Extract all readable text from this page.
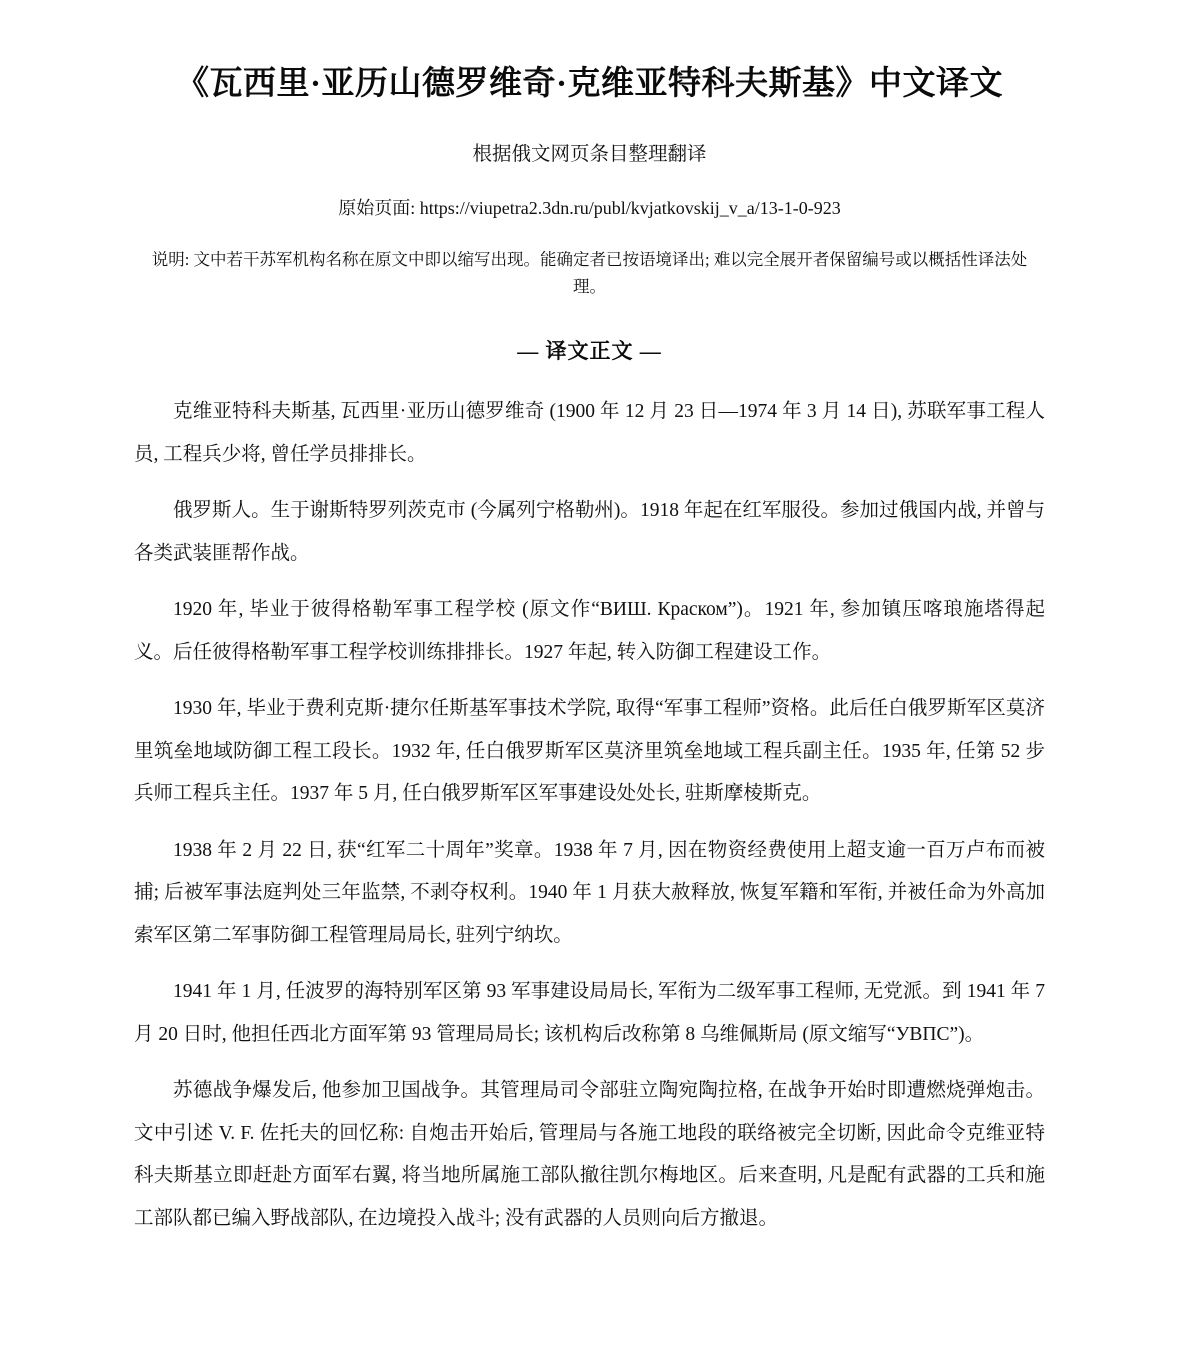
《瓦西里·亚历山德罗维奇·克维亚特科夫斯基》中文译文
根据俄文网页条目整理翻译
原始页面: https://viupetra2.3dn.ru/publ/kvjatkovskij_v_a/13-1-0-923
说明: 文中若干苏军机构名称在原文中即以缩写出现。能确定者已按语境译出; 难以完全展开者保留编号或以概括性译法处理。
— 译文正文 —

克维亚特科夫斯基, 瓦西里·亚历山德罗维奇 (1900 年 12 月 23 日—1974 年 3 月 14 日), 苏联军事工程人员, 工程兵少将, 曾任学员排排长。

俄罗斯人。生于谢斯特罗列茨克市 (今属列宁格勒州)。1918 年起在红军服役。参加过俄国内战, 并曾与各类武装匪帮作战。

1920 年, 毕业于彼得格勒军事工程学校 (原文作“ВИШ. Краском”)。1921 年, 参加镇压喀琅施塔得起义。后任彼得格勒军事工程学校训练排排长。1927 年起, 转入防御工程建设工作。

1930 年, 毕业于费利克斯·捷尔任斯基军事技术学院, 取得“军事工程师”资格。此后任白俄罗斯军区莫济里筑垒地域防御工程工段长。1932 年, 任白俄罗斯军区莫济里筑垒地域工程兵副主任。1935 年, 任第 52 步兵师工程兵主任。1937 年 5 月, 任白俄罗斯军区军事建设处处长, 驻斯摩棱斯克。

1938 年 2 月 22 日, 获“红军二十周年”奖章。1938 年 7 月, 因在物资经费使用上超支逾一百万卢布而被捕; 后被军事法庭判处三年监禁, 不剥夺权利。1940 年 1 月获大赦释放, 恢复军籍和军衔, 并被任命为外高加索军区第二军事防御工程管理局局长, 驻列宁纳坎。

1941 年 1 月, 任波罗的海特别军区第 93 军事建设局局长, 军衔为二级军事工程师, 无党派。到 1941 年 7 月 20 日时, 他担任西北方面军第 93 管理局局长; 该机构后改称第 8 乌维佩斯局 (原文缩写“УВПС”)。

苏德战争爆发后, 他参加卫国战争。其管理局司令部驻立陶宛陶拉格, 在战争开始时即遭燃烧弹炮击。文中引述 V. F. 佐托夫的回忆称: 自炮击开始后, 管理局与各施工地段的联络被完全切断, 因此命令克维亚特科夫斯基立即赶赴方面军右翼, 将当地所属施工部队撤往凯尔梅地区。后来查明, 凡是配有武器的工兵和施工部队都已编入野战部队, 在边境投入战斗; 没有武器的人员则向后方撤退。
